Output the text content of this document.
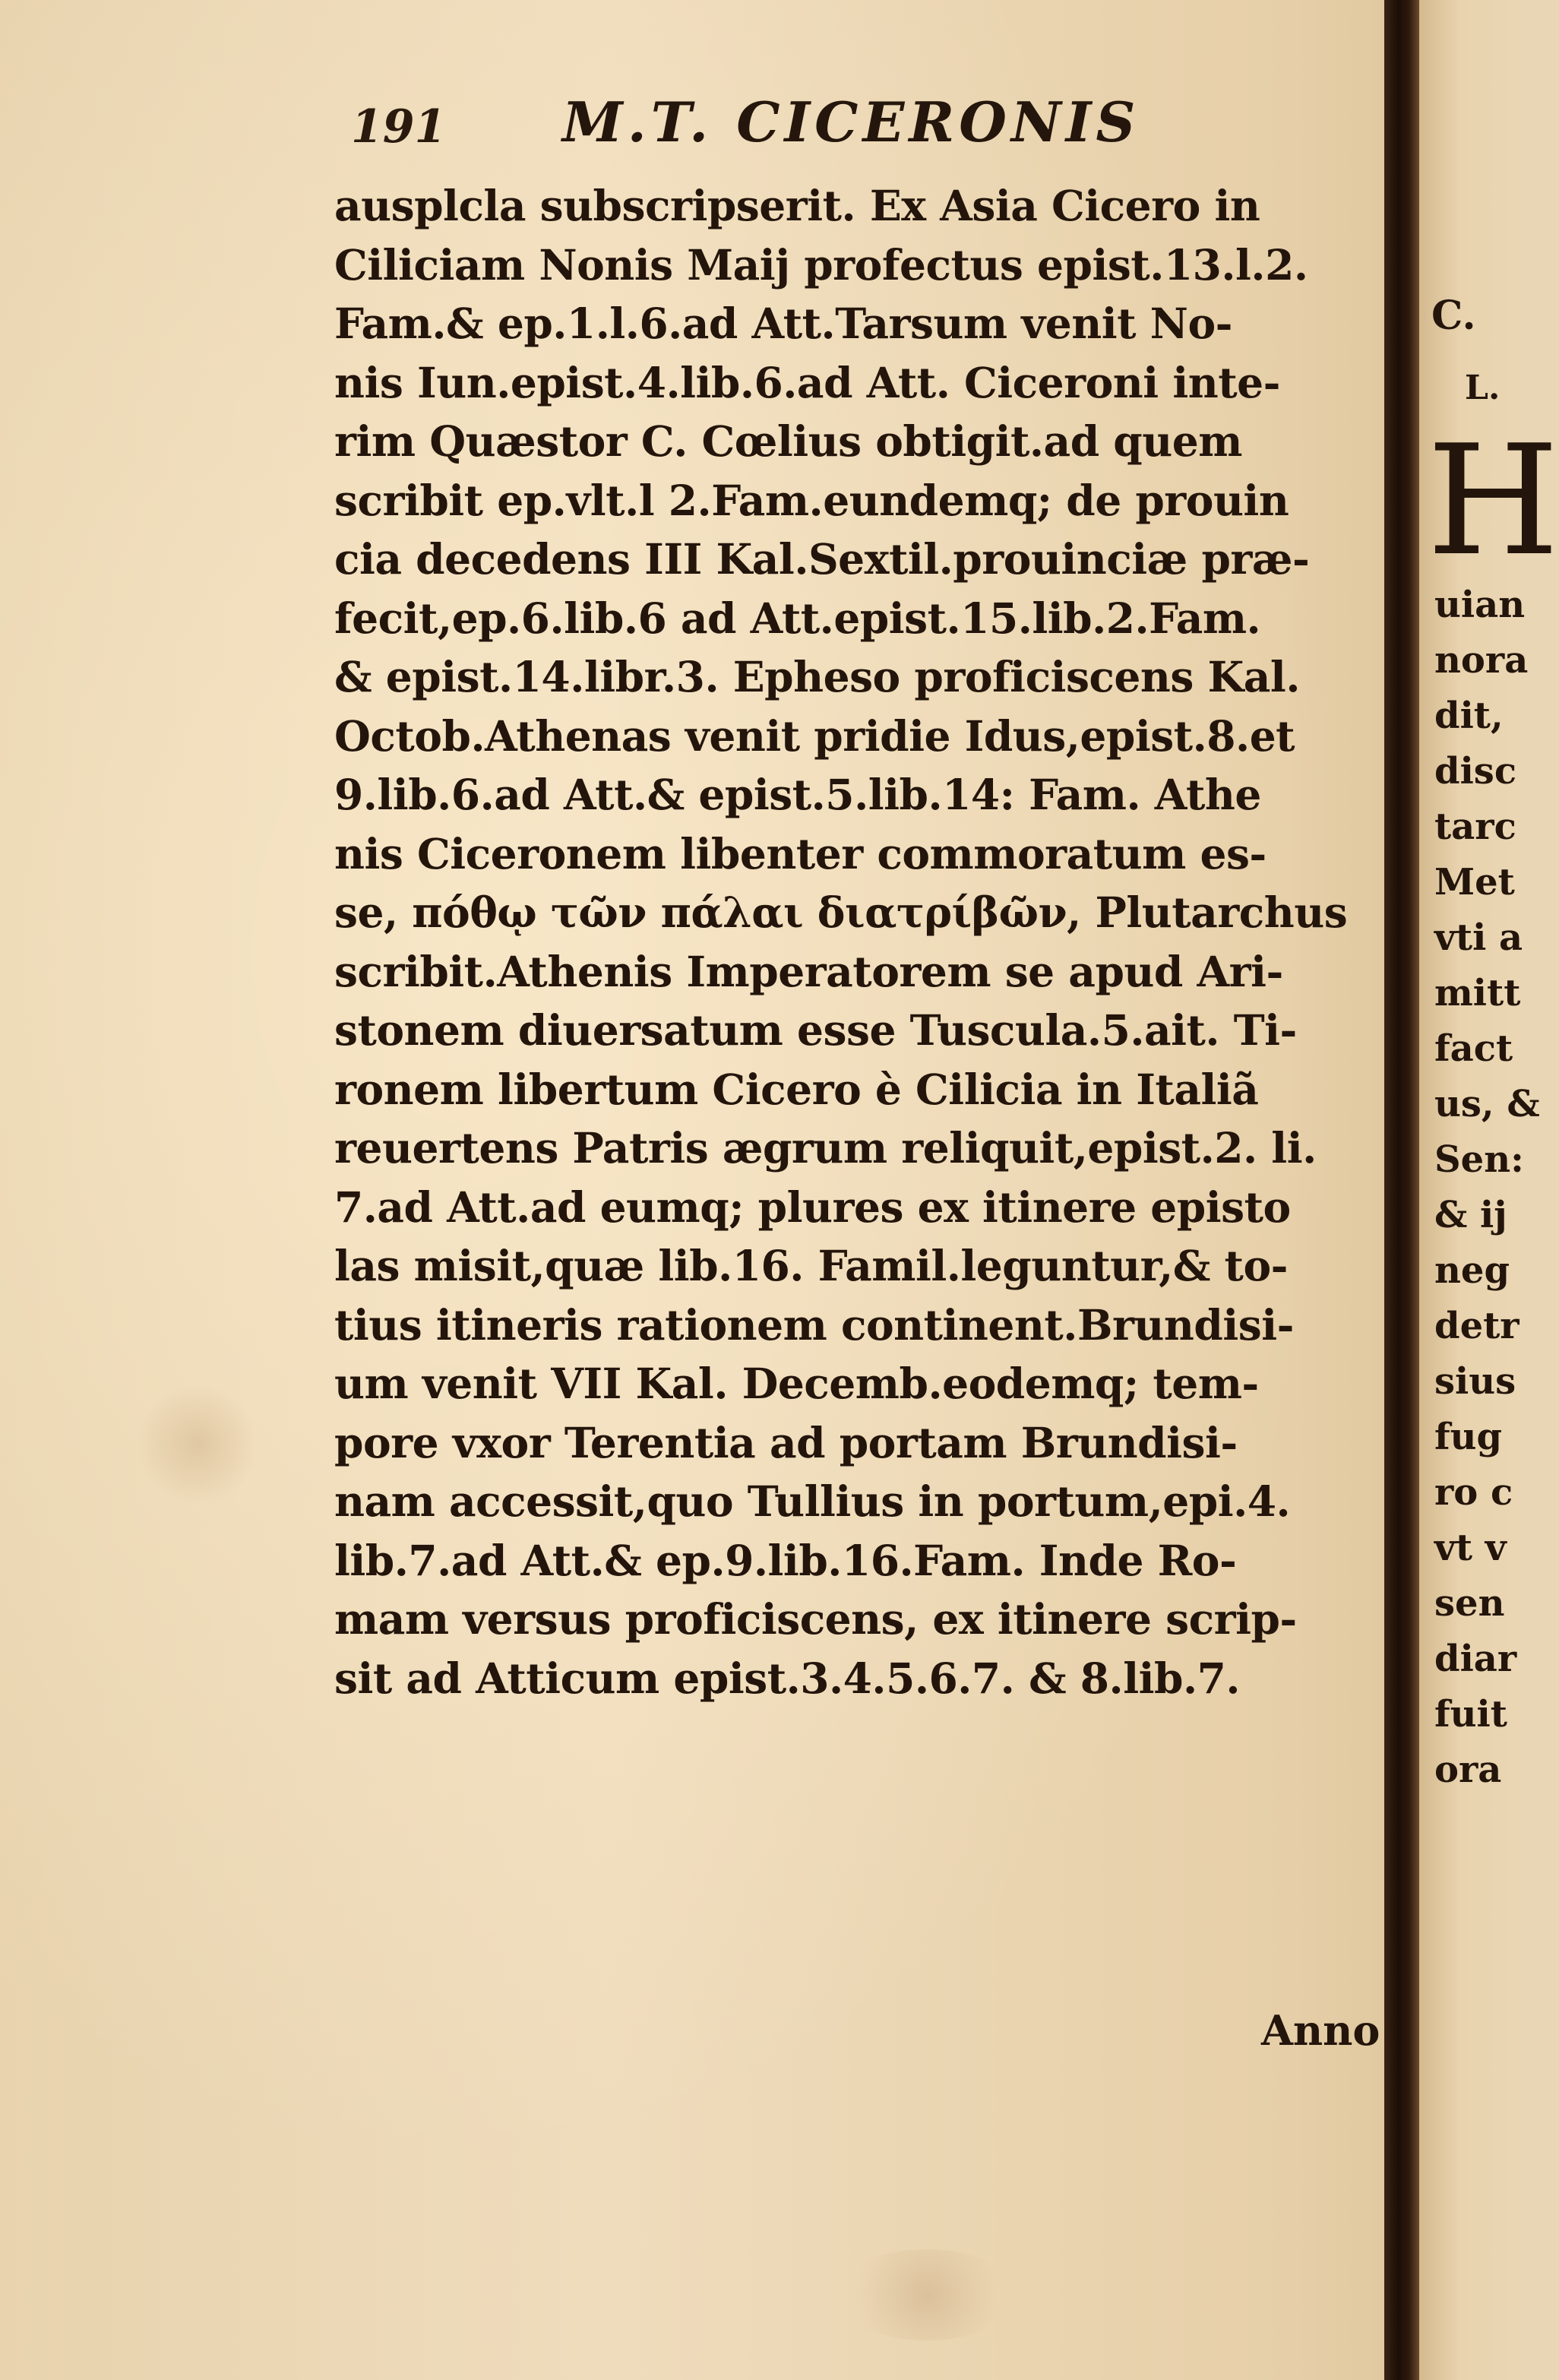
191 M.T. CICERONIS
ausplcla subscripserit. Ex Asia Cicero in
Ciliciam Nonis Maij profectus epist.13.l.2.
Fam.& ep.1.l.6.ad Att.Tarsum venit No-
nis Iun.epist.4.lib.6.ad Att. Ciceroni inte-
rim Quæstor C. Cœlius obtigit.ad quem
scribit ep.vlt.l 2.Fam.eundemq; de prouin
cia decedens III Kal.Sextil.prouinciæ præ-
fecit,ep.6.lib.6 ad Att.epist.15.lib.2.Fam.
& epist.14.libr.3. Epheso proficiscens Kal.
Octob.Athenas venit pridie Idus,epist.8.et
9.lib.6.ad Att.& epist.5.lib.14: Fam. Athe
nis Ciceronem libenter commoratum es-
se, πόθῳ τῶν πάλαι διατρίβῶν, Plutarchus
scribit.Athenis Imperatorem se apud Ari-
stonem diuersatum esse Tuscula.5.ait. Ti-
ronem libertum Cicero è Cilicia in Italiã
reuertens Patris ægrum reliquit,epist.2. li.
7.ad Att.ad eumq; plures ex itinere episto
las misit,quæ lib.16. Famil.leguntur,& to-
tius itineris rationem continent.Brundisi-
um venit VII Kal. Decemb.eodemq; tem-
pore vxor Terentia ad portam Brundisi-
nam accessit,quo Tullius in portum,epi.4.
lib.7.ad Att.& ep.9.lib.16.Fam. Inde Ro-
mam versus proficiscens, ex itinere scrip-
sit ad Atticum epist.3.4.5.6.7. & 8.lib.7.
Anno
C.
L.
H
uian
nora
dit,
disc
tarc
Met
vti a
mitt
fact
us, &
Sen:
& ij
neg
detr
sius
fug
ro c
vt v
sen
diar
fuit
ora
